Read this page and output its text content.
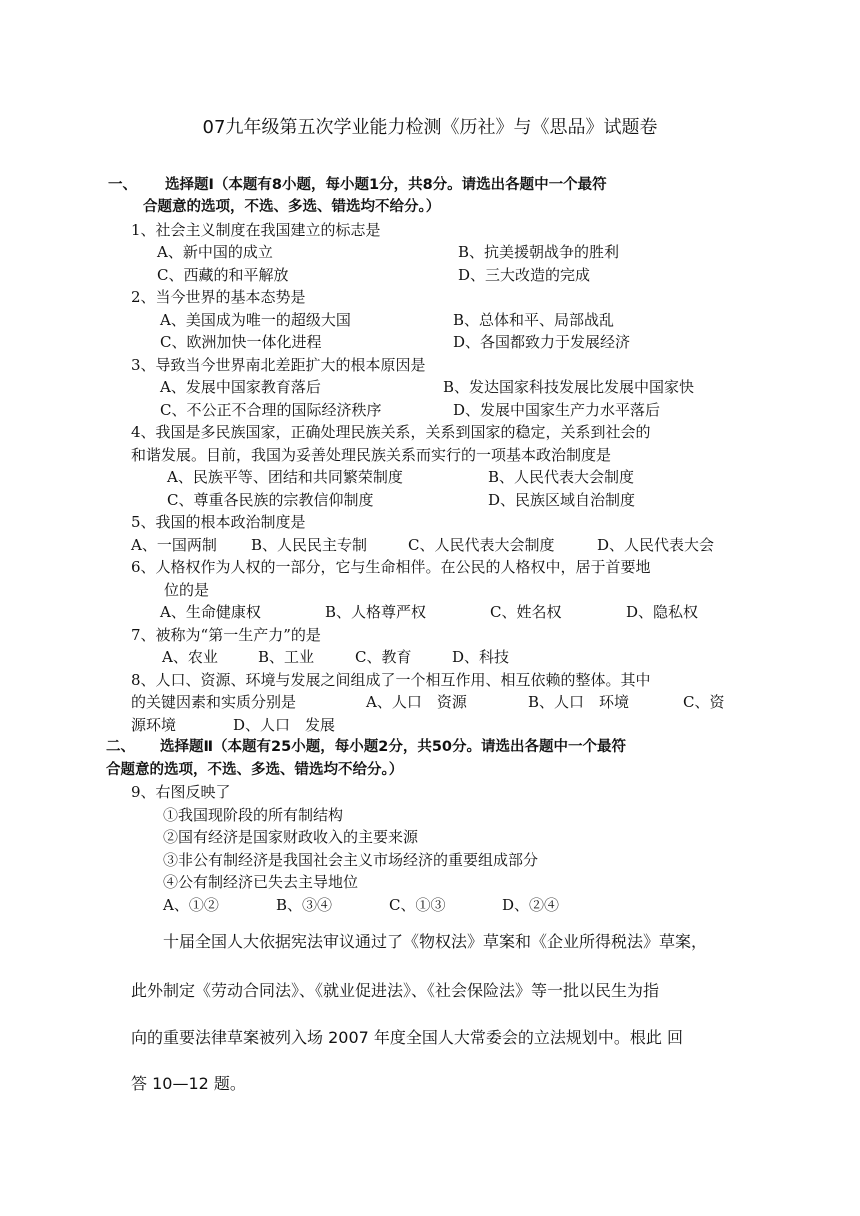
07九年级第五次学业能力检测《历社》与《思品》试题卷
一、 选择题Ⅰ（本题有8小题，每小题1分，共8分。请选出各题中一个最符
合题意的选项，不选、多选、错选均不给分。）
1、社会主义制度在我国建立的标志是
A、新中国的成立	B、抗美援朝战争的胜利
C、西藏的和平解放	D、三大改造的完成
2、当今世界的基本态势是
A、美国成为唯一的超级大国	B、总体和平、局部战乱
C、欧洲加快一体化进程	D、各国都致力于发展经济
3、导致当今世界南北差距扩大的根本原因是
A、发展中国家教育落后	B、发达国家科技发展比发展中国家快
C、不公正不合理的国际经济秩序	D、发展中国家生产力水平落后
4、我国是多民族国家，正确处理民族关系，关系到国家的稳定，关系到社会的
和谐发展。目前，我国为妥善处理民族关系而实行的一项基本政治制度是
A、民族平等、团结和共同繁荣制度	B、人民代表大会制度
C、尊重各民族的宗教信仰制度	D、民族区域自治制度
5、我国的根本政治制度是
A、一国两制 B、人民民主专制	C、人民代表大会制度	D、人民代表大会
6、人格权作为人权的一部分，它与生命相伴。在公民的人格权中，居于首要地
位的是
A、生命健康权	B、人格尊严权	C、姓名权	D、隐私权
7、被称为“第一生产力”的是
A、农业	B、工业	C、教育	D、科技
8、人口、资源、环境与发展之间组成了一个相互作用、相互依赖的整体。其中
的关键因素和实质分别是	A、人口　资源	B、人口　环境	C、资
源环境	D、人口　发展
二、 选择题Ⅱ（本题有25小题，每小题2分，共50分。请选出各题中一个最符
合题意的选项，不选、多选、错选均不给分。）
9、右图反映了
①我国现阶段的所有制结构
②国有经济是国家财政收入的主要来源
③非公有制经济是我国社会主义市场经济的重要组成部分
④公有制经济已失去主导地位
A、①②	B、③④	C、①③	D、②④
十届全国人大依据宪法审议通过了《物权法》草案和《企业所得税法》草案，
此外制定《劳动合同法》、《就业促进法》、《社会保险法》等一批以民生为指
向的重要法律草案被列入场 2007 年度全国人大常委会的立法规划中。根此 回
答 10—12 题。
